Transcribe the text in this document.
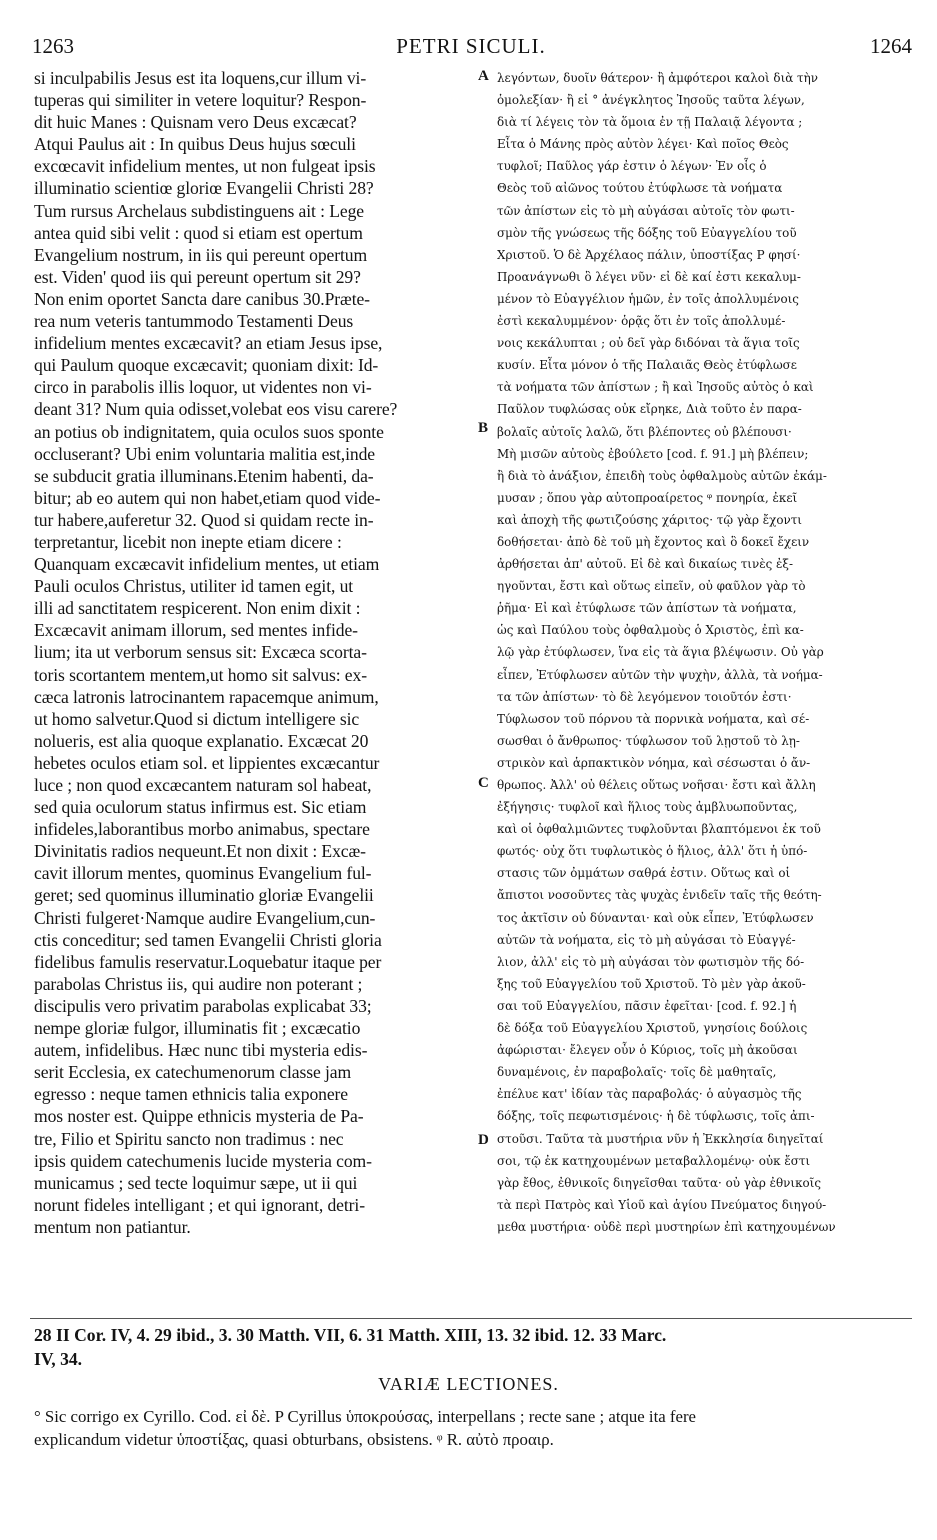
1263	PETRI SICULI.	1264
si inculpabilis Jesus est ita loquens,cur illum vi-
tuperas qui similiter in vetere loquitur? Respon-
dit huic Manes : Quisnam vero Deus excæcat?
Atqui Paulus ait : In quibus Deus hujus sœculi
excœcavit infidelium mentes, ut non fulgeat ipsis
illuminatio scientiœ gloriœ Evangelii Christi 28?
Tum rursus Archelaus subdistinguens ait : Lege
antea quid sibi velit : quod si etiam est opertum
Evangelium nostrum, in iis qui pereunt opertum
est. Viden' quod iis qui pereunt opertum sit 29?
Non enim oportet Sancta dare canibus 30.Præte-
rea num veteris tantummodo Testamenti Deus
infidelium mentes excæcavit? an etiam Jesus ipse,
qui Paulum quoque excæcavit; quoniam dixit: Id-
circo in parabolis illis loquor, ut videntes non vi-
deant 31? Num quia odisset,volebat eos visu carere?
an potius ob indignitatem, quia oculos suos sponte
occluserant? Ubi enim voluntaria malitia est,inde
se subducit gratia illuminans.Etenim habenti, da-
bitur; ab eo autem qui non habet,etiam quod vide-
tur habere,auferetur 32. Quod si quidam recte in-
terpretantur, licebit non inepte etiam dicere :
Quanquam excæcavit infidelium mentes, ut etiam
Pauli oculos Christus, utiliter id tamen egit, ut
illi ad sanctitatem respicerent. Non enim dixit :
Excæcavit animam illorum, sed mentes infide-
lium; ita ut verborum sensus sit: Excæca scorta-
toris scortantem mentem,ut homo sit salvus: ex-
cæca latronis latrocinantem rapacemque animum,
ut homo salvetur.Quod si dictum intelligere sic
nolueris, est alia quoque explanatio. Excæcat 20
hebetes oculos etiam sol. et lippientes excæcantur
luce ; non quod excæcantem naturam sol habeat,
sed quia oculorum status infirmus est. Sic etiam
infideles,laborantibus morbo animabus, spectare
Divinitatis radios nequeunt.Et non dixit : Excæ-
cavit illorum mentes, quominus Evangelium ful-
geret; sed quominus illuminatio gloriæ Evangelii
Christi fulgeret·Namque audire Evangelium,cun-
ctis conceditur; sed tamen Evangelii Christi gloria
fidelibus famulis reservatur.Loquebatur itaque per
parabolas Christus iis, qui audire non poterant ;
discipulis vero privatim parabolas explicabat 33;
nempe gloriæ fulgor, illuminatis fit ; excæcatio
autem, infidelibus. Hæc nunc tibi mysteria edis-
serit Ecclesia, ex catechumenorum classe jam
egresso : neque tamen ethnicis talia exponere
mos noster est. Quippe ethnicis mysteria de Pa-
tre, Filio et Spiritu sancto non tradimus : nec
ipsis quidem catechumenis lucide mysteria com-
municamus ; sed tecte loquimur sæpe, ut ii qui
norunt fideles intelligant ; et qui ignorant, detri-
mentum non patiantur.
λεγόντων, δυοῖν θάτερον· ἢ ἀμφότεροι καλοὶ διὰ τὴν
ὁμολεξίαν· ἢ εἰ ° ἀνέγκλητος Ἰησοῦς ταῦτα λέγων,
διὰ τί λέγεις τὸν τὰ ὅμοια ἐν τῇ Παλαιᾷ λέγοντα ;
Εἶτα ὁ Μάνης πρὸς αὐτὸν λέγει· Καὶ ποῖος Θεὸς
τυφλοῖ; Παῦλος γάρ ἐστιν ὁ λέγων· Ἐν οἷς ὁ
Θεὸς τοῦ αἰῶνος τούτου ἐτύφλωσε τὰ νοήματα
τῶν ἀπίστων εἰς τὸ μὴ αὐγάσαι αὐτοῖς τὸν φωτι-
σμὸν τῆς γνώσεως τῆς δόξης τοῦ Εὐαγγελίου τοῦ
Χριστοῦ. Ὁ δὲ Ἀρχέλαος πάλιν, ὑποστίξας P φησί·
Προανάγνωθι ὃ λέγει νῦν· εἰ δὲ καί ἐστι κεκαλυμ-
μένον τὸ Εὐαγγέλιον ἡμῶν, ἐν τοῖς ἀπολλυμένοις
ἐστὶ κεκαλυμμένον· ὁρᾷς ὅτι ἐν τοῖς ἀπολλυμέ-
νοις κεκάλυπται ; οὐ δεῖ γὰρ διδόναι τὰ ἅγια τοῖς
κυσίν. Εἶτα μόνον ὁ τῆς Παλαιᾶς Θεὸς ἐτύφλωσε
τὰ νοήματα τῶν ἀπίστων ; ἢ καὶ Ἰησοῦς αὐτὸς ὁ καὶ
Παῦλον τυφλώσας οὐκ εἴρηκε, Διὰ τοῦτο ἐν παρα-
βολαῖς αὐτοῖς λαλῶ, ὅτι βλέποντες οὐ βλέπουσι·
Μὴ μισῶν αὐτοὺς ἐβούλετο [cod. f. 91.] μὴ βλέπειν;
ἢ διὰ τὸ ἀνάξιον, ἐπειδὴ τοὺς ὀφθαλμοὺς αὐτῶν ἐκάμ-
μυσαν ; ὅπου γὰρ αὐτοπροαίρετος ᵠ πονηρία, ἐκεῖ
καὶ ἀποχὴ τῆς φωτιζούσης χάριτος· τῷ γὰρ ἔχοντι
δοθήσεται· ἀπὸ δὲ τοῦ μὴ ἔχοντος καὶ ὃ δοκεῖ ἔχειν
ἀρθήσεται ἀπ' αὐτοῦ. Εἰ δὲ καὶ δικαίως τινὲς ἐξ-
ηγοῦνται, ἔστι καὶ οὕτως εἰπεῖν, οὐ φαῦλον γὰρ τὸ
ῥῆμα· Εἰ καὶ ἐτύφλωσε τῶν ἀπίστων τὰ νοήματα,
ὡς καὶ Παύλου τοὺς ὀφθαλμοὺς ὁ Χριστὸς, ἐπὶ κα-
λῷ γὰρ ἐτύφλωσεν, ἵνα εἰς τὰ ἅγια βλέψωσιν. Οὐ γὰρ
εἶπεν, Ἐτύφλωσεν αὐτῶν τὴν ψυχὴν, ἀλλὰ, τὰ νοήμα-
τα τῶν ἀπίστων· τὸ δὲ λεγόμενον τοιοῦτόν ἐστι·
Τύφλωσον τοῦ πόρνου τὰ πορνικὰ νοήματα, καὶ σέ-
σωσθαι ὁ ἄνθρωπος· τύφλωσον τοῦ λῃστοῦ τὸ λῃ-
στρικὸν καὶ ἁρπακτικὸν νόημα, καὶ σέσωσται ὁ ἄν-
θρωπος. Ἀλλ' οὐ θέλεις οὕτως νοῆσαι· ἔστι καὶ ἄλλη
ἐξήγησις· τυφλοῖ καὶ ἥλιος τοὺς ἀμβλυωποῦντας,
καὶ οἱ ὀφθαλμιῶντες τυφλοῦνται βλαπτόμενοι ἐκ τοῦ
φωτός· οὐχ ὅτι τυφλωτικὸς ὁ ἥλιος, ἀλλ' ὅτι ἡ ὑπό-
στασις τῶν ὀμμάτων σαθρά ἐστιν. Οὕτως καὶ οἱ
ἄπιστοι νοσοῦντες τὰς ψυχὰς ἐνιδεῖν ταῖς τῆς θεότη-
τος ἀκτῖσιν οὐ δύνανται· καὶ οὐκ εἶπεν, Ἐτύφλωσεν
αὐτῶν τὰ νοήματα, εἰς τὸ μὴ αὐγάσαι τὸ Εὐαγγέ-
λιον, ἀλλ' εἰς τὸ μὴ αὐγάσαι τὸν φωτισμὸν τῆς δό-
ξης τοῦ Εὐαγγελίου τοῦ Χριστοῦ. Τὸ μὲν γὰρ ἀκοῦ-
σαι τοῦ Εὐαγγελίου, πᾶσιν ἐφεῖται· [cod. f. 92.] ἡ
δὲ δόξα τοῦ Εὐαγγελίου Χριστοῦ, γνησίοις δούλοις
ἀφώρισται· ἔλεγεν οὖν ὁ Κύριος, τοῖς μὴ ἀκοῦσαι
δυναμένοις, ἐν παραβολαῖς· τοῖς δὲ μαθηταῖς,
ἐπέλυε κατ' ἰδίαν τὰς παραβολάς· ὁ αὐγασμὸς τῆς
δόξης, τοῖς πεφωτισμένοις· ἡ δὲ τύφλωσις, τοῖς ἀπι-
στοῦσι. Ταῦτα τὰ μυστήρια νῦν ἡ Ἐκκλησία διηγεῖταί
σοι, τῷ ἐκ κατηχουμένων μεταβαλλομένῳ· οὐκ ἔστι
γὰρ ἔθος, ἐθνικοῖς διηγεῖσθαι ταῦτα· οὐ γὰρ ἐθνικοῖς
τὰ περὶ Πατρὸς καὶ Υἱοῦ καὶ ἁγίου Πνεύματος διηγού-
μεθα μυστήρια· οὐδὲ περὶ μυστηρίων ἐπὶ κατηχουμένων
A
B
C
D
28 II Cor. IV, 4. 29 ibid., 3. 30 Matth. VII, 6. 31 Matth. XIII, 13. 32 ibid. 12. 33 Marc.
IV, 34.
VARIÆ LECTIONES.
° Sic corrigo ex Cyrillo. Cod. εἰ δὲ. P Cyrillus ὑποκρούσας, interpellans ; recte sane ; atque ita fere
explicandum videtur ὑποστίξας, quasi obturbans, obsistens. ᵠ R. αὐτὸ προαιρ.
